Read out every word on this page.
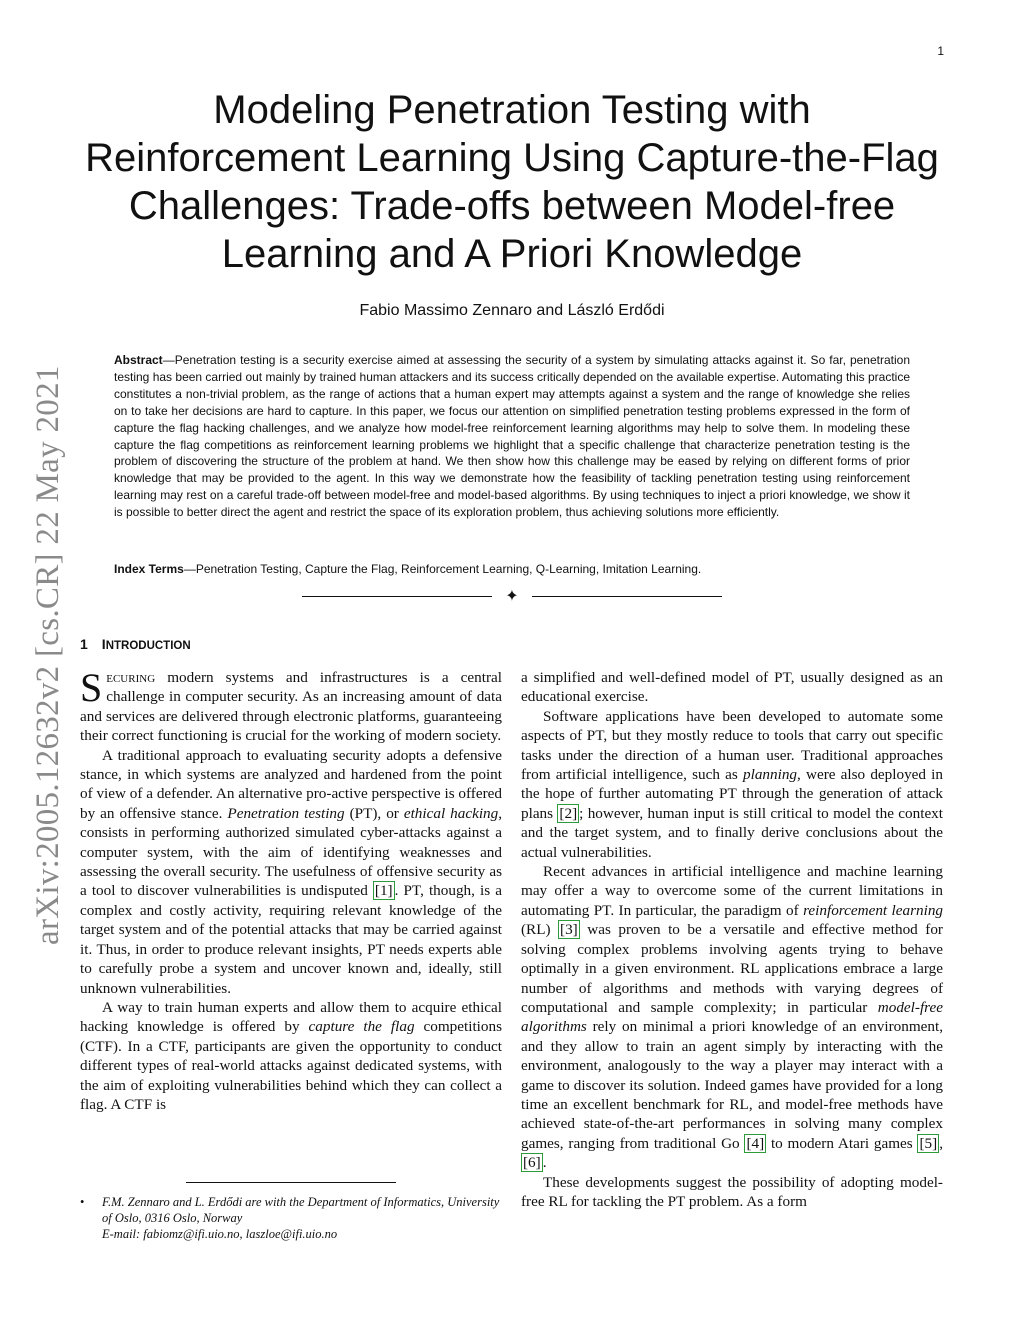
1
Modeling Penetration Testing with
Reinforcement Learning Using Capture-the-Flag
Challenges: Trade-offs between Model-free
Learning and A Priori Knowledge
Fabio Massimo Zennaro and László Erdődi
arXiv:2005.12632v2 [cs.CR] 22 May 2021

Abstract—Penetration testing is a security exercise aimed at assessing the security of a system by simulating attacks against it. So far, penetration testing has been carried out mainly by trained human attackers and its success critically depended on the available expertise. Automating this practice constitutes a non-trivial problem, as the range of actions that a human expert may attempts against a system and the range of knowledge she relies on to take her decisions are hard to capture. In this paper, we focus our attention on simplified penetration testing problems expressed in the form of capture the flag hacking challenges, and we analyze how model-free reinforcement learning algorithms may help to solve them. In modeling these capture the flag competitions as reinforcement learning problems we highlight that a specific challenge that characterize penetration testing is the problem of discovering the structure of the problem at hand. We then show how this challenge may be eased by relying on different forms of prior knowledge that may be provided to the agent. In this way we demonstrate how the feasibility of tackling penetration testing using reinforcement learning may rest on a careful trade-off between model-free and model-based algorithms. By using techniques to inject a priori knowledge, we show it is possible to better direct the agent and restrict the space of its exploration problem, thus achieving solutions more efficiently.

Index Terms—Penetration Testing, Capture the Flag, Reinforcement Learning, Q-Learning, Imitation Learning.
✦
1 INTRODUCTION

Securing modern systems and infrastructures is a central challenge in computer security. As an increasing amount of data and services are delivered through electronic platforms, guaranteeing their correct functioning is crucial for the working of modern society.

A traditional approach to evaluating security adopts a defensive stance, in which systems are analyzed and hardened from the point of view of a defender. An alternative pro-active perspective is offered by an offensive stance. Penetration testing (PT), or ethical hacking, consists in performing authorized simulated cyber-attacks against a computer system, with the aim of identifying weaknesses and assessing the overall security. The usefulness of offensive security as a tool to discover vulnerabilities is undisputed [1] . PT, though, is a complex and costly activity, requiring relevant knowledge of the target system and of the potential attacks that may be carried against it. Thus, in order to produce relevant insights, PT needs experts able to carefully probe a system and uncover known and, ideally, still unknown vulnerabilities.

A way to train human experts and allow them to acquire ethical hacking knowledge is offered by capture the flag competitions (CTF). In a CTF, participants are given the opportunity to conduct different types of real-world attacks against dedicated systems, with the aim of exploiting vulnerabilities behind which they can collect a flag. A CTF is

a simplified and well-defined model of PT, usually designed as an educational exercise.

Software applications have been developed to automate some aspects of PT, but they mostly reduce to tools that carry out specific tasks under the direction of a human user. Traditional approaches from artificial intelligence, such as planning, were also deployed in the hope of further automating PT through the generation of attack plans [2] ; however, human input is still critical to model the context and the target system, and to finally derive conclusions about the actual vulnerabilities.

Recent advances in artificial intelligence and machine learning may offer a way to overcome some of the current limitations in automating PT. In particular, the paradigm of reinforcement learning (RL) [3] was proven to be a versatile and effective method for solving complex problems involving agents trying to behave optimally in a given environment. RL applications embrace a large number of algorithms and methods with varying degrees of computational and sample complexity; in particular model-free algorithms rely on minimal a priori knowledge of an environment, and they allow to train an agent simply by interacting with the environment, analogously to the way a player may interact with a game to discover its solution. Indeed games have provided for a long time an excellent benchmark for RL, and model-free methods have achieved state-of-the-art performances in solving many complex games, ranging from traditional Go [4] to modern Atari games [5] , [6] .

These developments suggest the possibility of adopting model-free RL for tackling the PT problem. As a form

• F.M. Zennaro and L. Erdődi are with the Department of Informatics, University of Oslo, 0316 Oslo, Norway
E-mail: fabiomz@ifi.uio.no, laszloe@ifi.uio.no
